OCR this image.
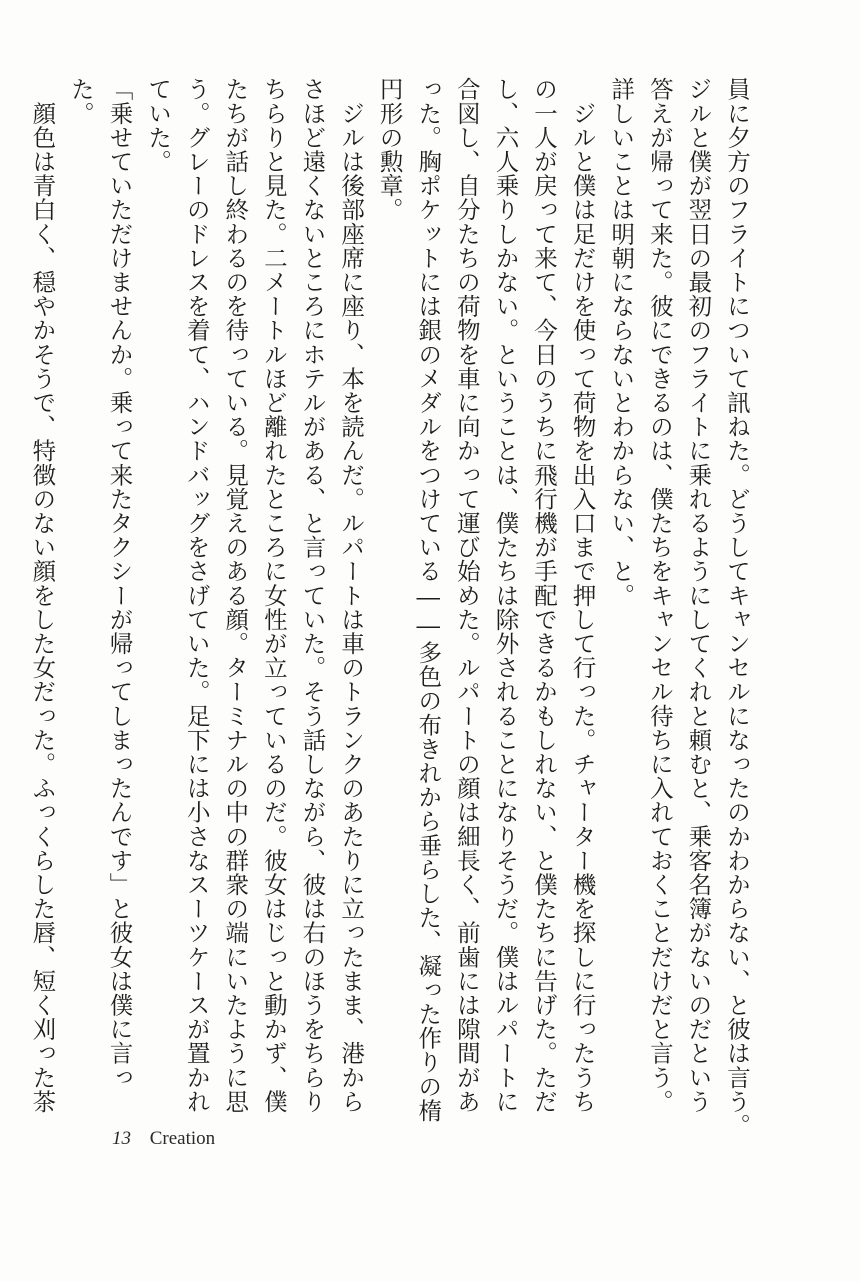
員に夕方のフライトについて訊ねた。どうしてキャンセルになったのかわからない、と彼は言う。
ジルと僕が翌日の最初のフライトに乗れるようにしてくれと頼むと、乗客名簿がないのだという
答えが帰って来た。彼にできるのは、僕たちをキャンセル待ちに入れておくことだけだと言う。
詳しいことは明朝にならないとわからない、と。
　ジルと僕は足だけを使って荷物を出入口まで押して行った。チャーター機を探しに行ったうち
の一人が戻って来て、今日のうちに飛行機が手配できるかもしれない、と僕たちに告げた。ただ
し、六人乗りしかない。ということは、僕たちは除外されることになりそうだ。僕はルパートに
合図し、自分たちの荷物を車に向かって運び始めた。ルパートの顔は細長く、前歯には隙間があ
った。胸ポケットには銀のメダルをつけている――多色の布きれから垂らした、凝った作りの楕
円形の勲章。
　ジルは後部座席に座り、本を読んだ。ルパートは車のトランクのあたりに立ったまま、港から
さほど遠くないところにホテルがある、と言っていた。そう話しながら、彼は右のほうをちらり
ちらりと見た。二メートルほど離れたところに女性が立っているのだ。彼女はじっと動かず、僕
たちが話し終わるのを待っている。見覚えのある顔。ターミナルの中の群衆の端にいたように思
う。グレーのドレスを着て、ハンドバッグをさげていた。足下には小さなスーツケースが置かれ
ていた。
「乗せていただけませんか。乗って来たタクシーが帰ってしまったんです」と彼女は僕に言っ
た。
　顔色は青白く、穏やかそうで、特徴のない顔をした女だった。ふっくらした唇、短く刈った茶
13 Creation
